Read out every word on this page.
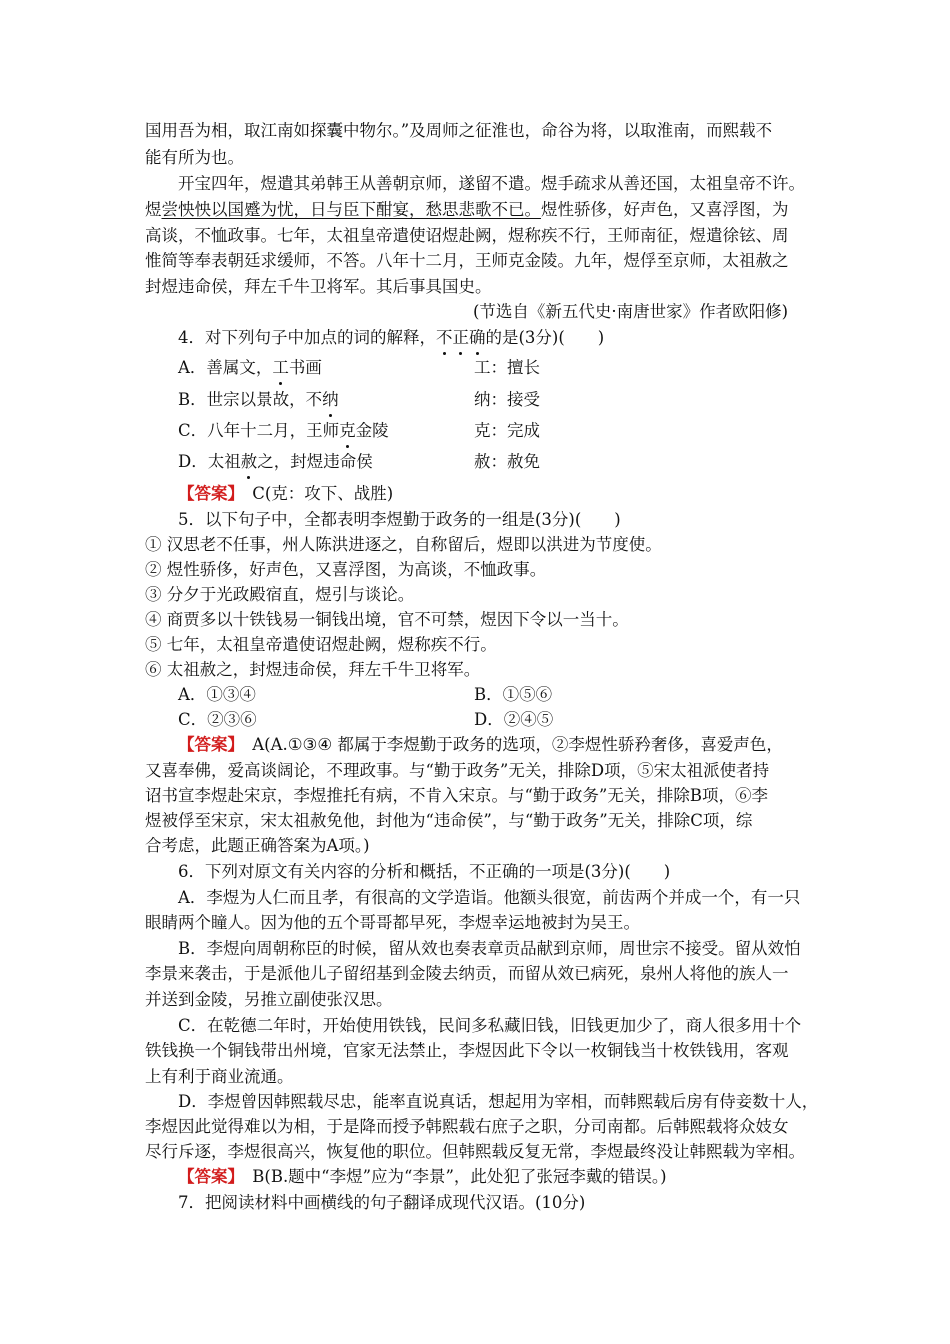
国用吾为相，取江南如探囊中物尔。”及周师之征淮也，命谷为将，以取淮南，而熙载不
能有所为也。
开宝四年，煜遣其弟韩王从善朝京师，遂留不遣。煜手疏求从善还国，太祖皇帝不许。
煜尝怏怏以国蹙为忧，日与臣下酣宴，愁思悲歌不已。煜性骄侈，好声色，又喜浮图，为
高谈，不恤政事。七年，太祖皇帝遣使诏煜赴阙，煜称疾不行，王师南征，煜遣徐铉、周
惟简等奉表朝廷求缓师，不答。八年十二月，王师克金陵。九年，煜俘至京师，太祖赦之
封煜违命侯，拜左千牛卫将军。其后事具国史。
(节选自《新五代史·南唐世家》作者欧阳修)
4．对下列句子中加点的词的解释，不正确的是(3分)(　　)
A．善属文，工书画	工：擅长
B．世宗以景故，不纳	纳：接受
C．八年十二月，王师克金陵	克：完成
D．太祖赦之，封煜违命侯	赦：赦免
【答案】　 C(克：攻下、战胜)
5．以下句子中，全都表明李煜勤于政务的一组是(3分)(　　)
① 汉思老不任事，州人陈洪进逐之，自称留后，煜即以洪进为节度使。
② 煜性骄侈，好声色，又喜浮图，为高谈，不恤政事。
③ 分夕于光政殿宿直，煜引与谈论。
④ 商贾多以十铁钱易一铜钱出境，官不可禁，煜因下令以一当十。
⑤ 七年，太祖皇帝遣使诏煜赴阙，煜称疾不行。
⑥ 太祖赦之，封煜违命侯，拜左千牛卫将军。
A．①③④	B．①⑤⑥
C．②③⑥	D．②④⑤
【答案】　 A(A.①③④ 都属于李煜勤于政务的选项，②李煜性骄矜奢侈，喜爱声色，
又喜奉佛，爱高谈阔论，不理政事。与“勤于政务”无关，排除D项，⑤宋太祖派使者持
诏书宣李煜赴宋京，李煜推托有病，不肯入宋京。与“勤于政务”无关，排除B项，⑥李
煜被俘至宋京，宋太祖赦免他，封他为“违命侯”，与“勤于政务”无关，排除C项，综
合考虑，此题正确答案为A项。)
6．下列对原文有关内容的分析和概括，不正确的一项是(3分)(　　)
A．李煜为人仁而且孝，有很高的文学造诣。他额头很宽，前齿两个并成一个，有一只
眼睛两个瞳人。因为他的五个哥哥都早死，李煜幸运地被封为吴王。
B．李煜向周朝称臣的时候，留从效也奏表章贡品献到京师，周世宗不接受。留从效怕
李景来袭击，于是派他儿子留绍基到金陵去纳贡，而留从效已病死，泉州人将他的族人一
并送到金陵，另推立副使张汉思。
C．在乾德二年时，开始使用铁钱，民间多私藏旧钱，旧钱更加少了，商人很多用十个
铁钱换一个铜钱带出州境，官家无法禁止，李煜因此下令以一枚铜钱当十枚铁钱用，客观
上有利于商业流通。
D．李煜曾因韩熙载尽忠，能率直说真话，想起用为宰相，而韩熙载后房有侍妾数十人，
李煜因此觉得难以为相，于是降而授予韩熙载右庶子之职，分司南都。后韩熙载将众妓女
尽行斥逐，李煜很高兴，恢复他的职位。但韩熙载反复无常，李煜最终没让韩熙载为宰相。
【答案】　 B(B.题中“李煜”应为“李景”，此处犯了张冠李戴的错误。)
7．把阅读材料中画横线的句子翻译成现代汉语。(10分)
